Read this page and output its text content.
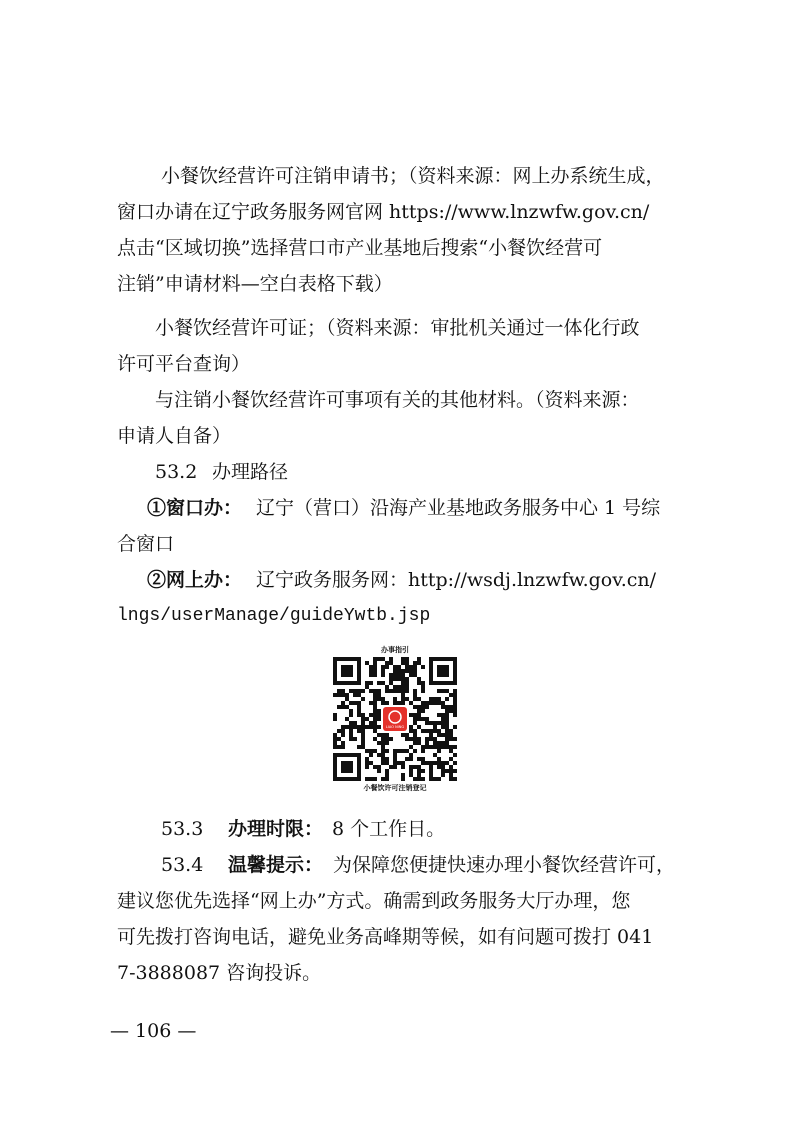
小餐饮经营许可注销申请书；（资料来源：网上办系统生成，
窗口办请在辽宁政务服务网官网 https://www.lnzwfw.gov.cn/
点击“区域切换”选择营口市产业基地后搜索“小餐饮经营可
注销”申请材料—空白表格下载）
小餐饮经营许可证；（资料来源：审批机关通过一体化行政
许可平台查询）
与注销小餐饮经营许可事项有关的其他材料。（资料来源：
申请人自备）
53.2 办理路径
①窗口办： 辽宁（营口）沿海产业基地政务服务中心 1 号综
合窗口
②网上办： 辽宁政务服务网：http://wsdj.lnzwfw.gov.cn/
lngs/userManage/guideYwtb.jsp
办事指引
LIAO NING
小餐饮许可注销登记
53.3 办理时限： 8 个工作日。
53.4 温馨提示： 为保障您便捷快速办理小餐饮经营许可，
建议您优先选择“网上办”方式。确需到政务服务大厅办理，您
可先拨打咨询电话，避免业务高峰期等候，如有问题可拨打 041
7-3888087 咨询投诉。
— 106 —
